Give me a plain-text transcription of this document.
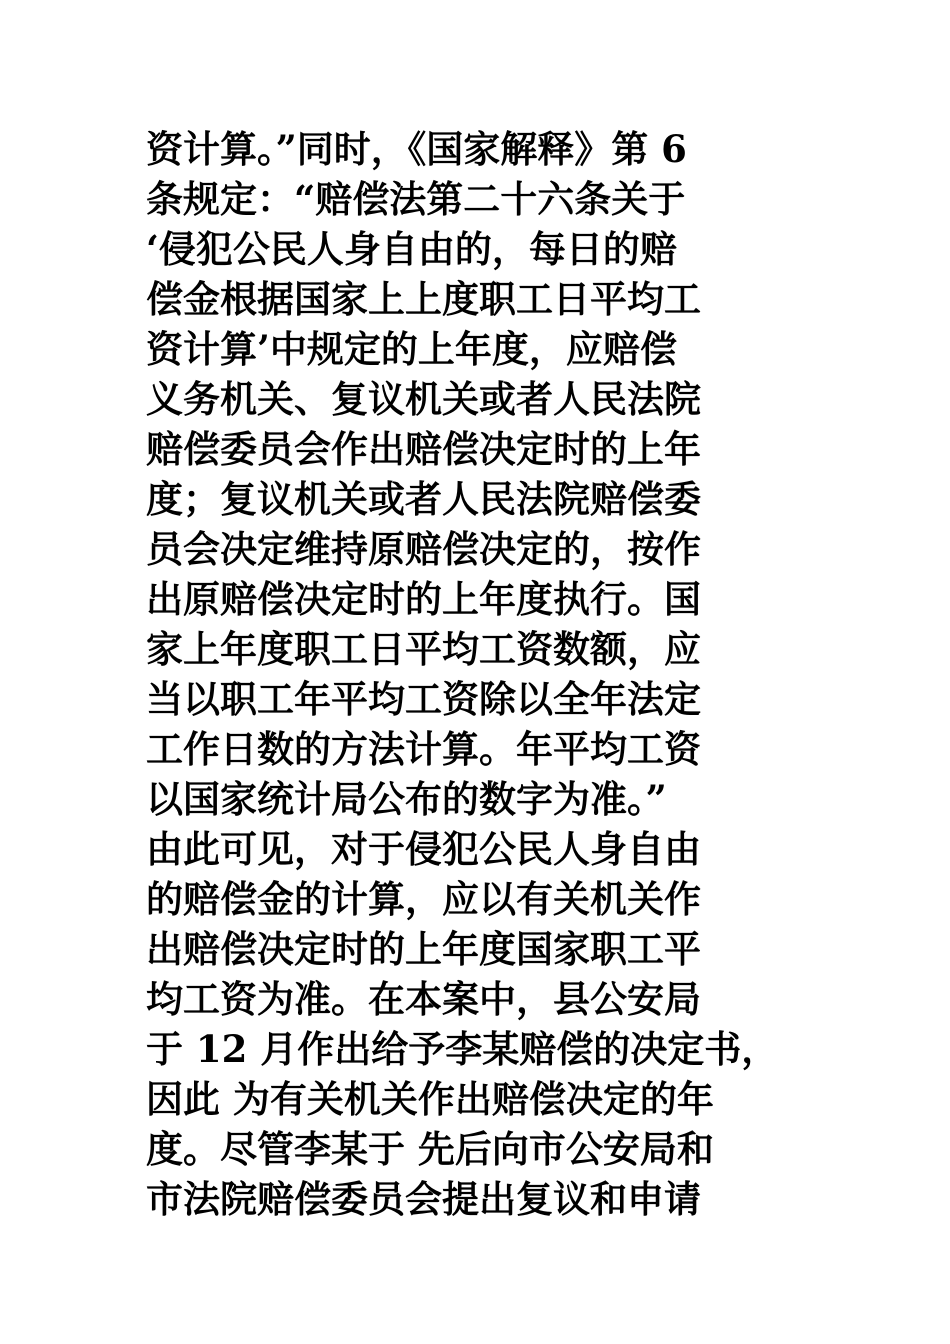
资计算。”同时，《国家解释》第 6
条规定：“赔偿法第二十六条关于
‘侵犯公民人身自由的，每日的赔
偿金根据国家上上度职工日平均工
资计算’中规定的上年度，应赔偿
义务机关、复议机关或者人民法院
赔偿委员会作出赔偿决定时的上年
度；复议机关或者人民法院赔偿委
员会决定维持原赔偿决定的，按作
出原赔偿决定时的上年度执行。国
家上年度职工日平均工资数额，应
当以职工年平均工资除以全年法定
工作日数的方法计算。年平均工资
以国家统计局公布的数字为准。”
由此可见，对于侵犯公民人身自由
的赔偿金的计算，应以有关机关作
出赔偿决定时的上年度国家职工平
均工资为准。在本案中，县公安局
于 12 月作出给予李某赔偿的决定书，
因此 为有关机关作出赔偿决定的年
度。尽管李某于 先后向市公安局和
市法院赔偿委员会提出复议和申请
